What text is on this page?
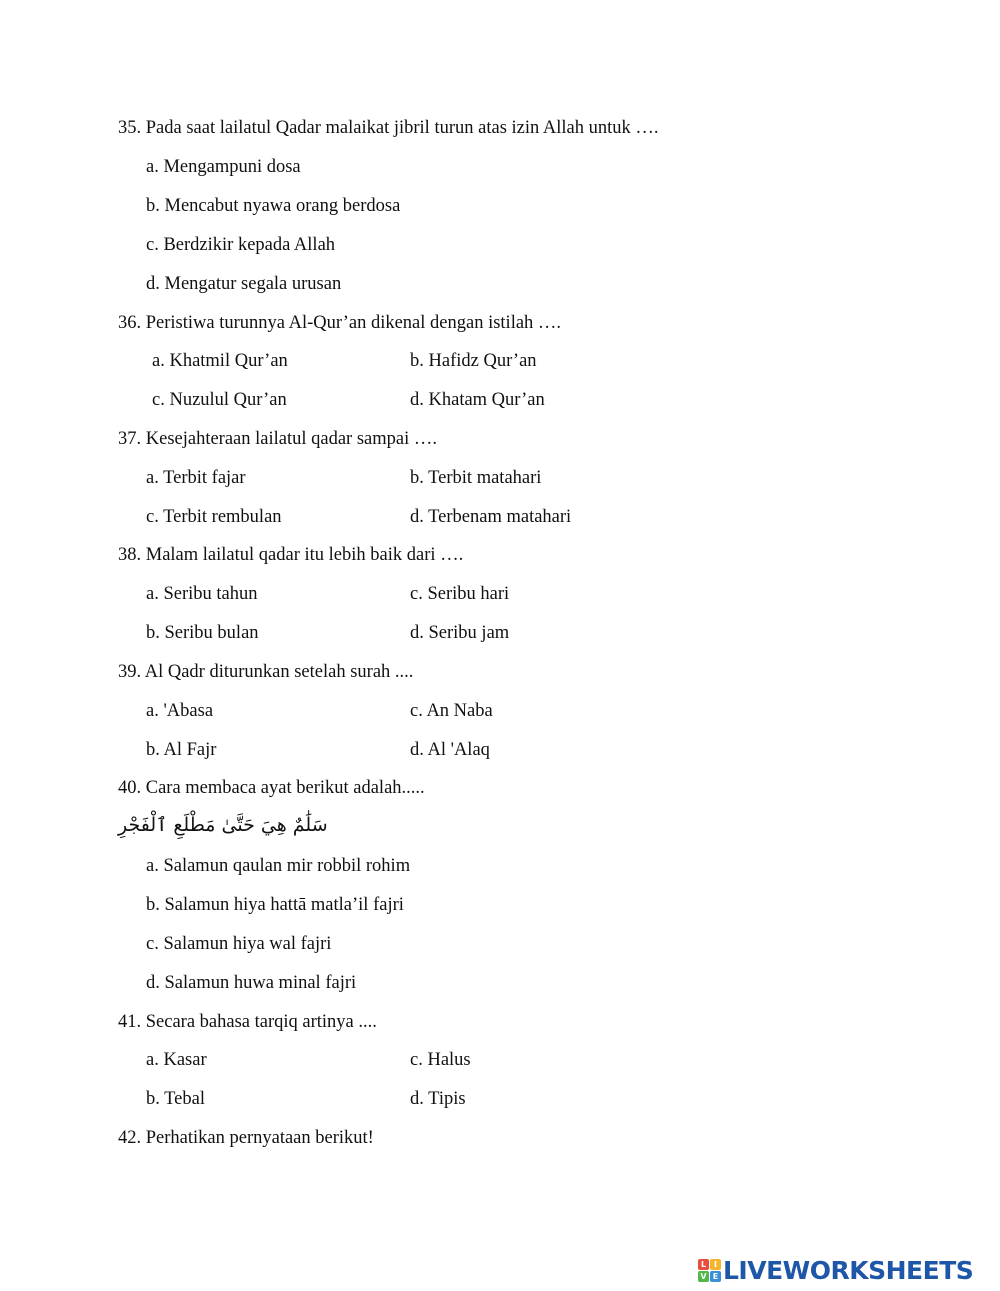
35. Pada saat lailatul Qadar malaikat jibril turun atas izin Allah untuk ….
a. Mengampuni dosa
b. Mencabut nyawa orang berdosa
c. Berdzikir kepada Allah
d. Mengatur segala urusan
36. Peristiwa turunnya Al-Qur’an dikenal dengan istilah ….
a. Khatmil Qur’an	b. Hafidz Qur’an
c. Nuzulul Qur’an	d. Khatam Qur’an
37. Kesejahteraan lailatul qadar sampai ….
a. Terbit fajar	b. Terbit matahari
c. Terbit rembulan	d. Terbenam matahari
38. Malam lailatul qadar itu lebih baik dari ….
a. Seribu tahun	c. Seribu hari
b. Seribu bulan	d. Seribu jam
39. Al Qadr diturunkan setelah surah ....
a. 'Abasa	c. An Naba
b. Al Fajr	d. Al 'Alaq
40. Cara membaca ayat berikut adalah.....
سَلَٰمٌ هِيَ حَتَّىٰ مَطْلَعِ ٱلْفَجْرِ
a. Salamun qaulan mir robbil rohim
b. Salamun hiya hattā matla’il fajri
c. Salamun hiya wal fajri
d. Salamun huwa minal fajri
41. Secara bahasa tarqiq artinya ....
a. Kasar	c. Halus
b. Tebal	d. Tipis
42. Perhatikan pernyataan berikut!
L I
V E LIVEWORKSHEETS
